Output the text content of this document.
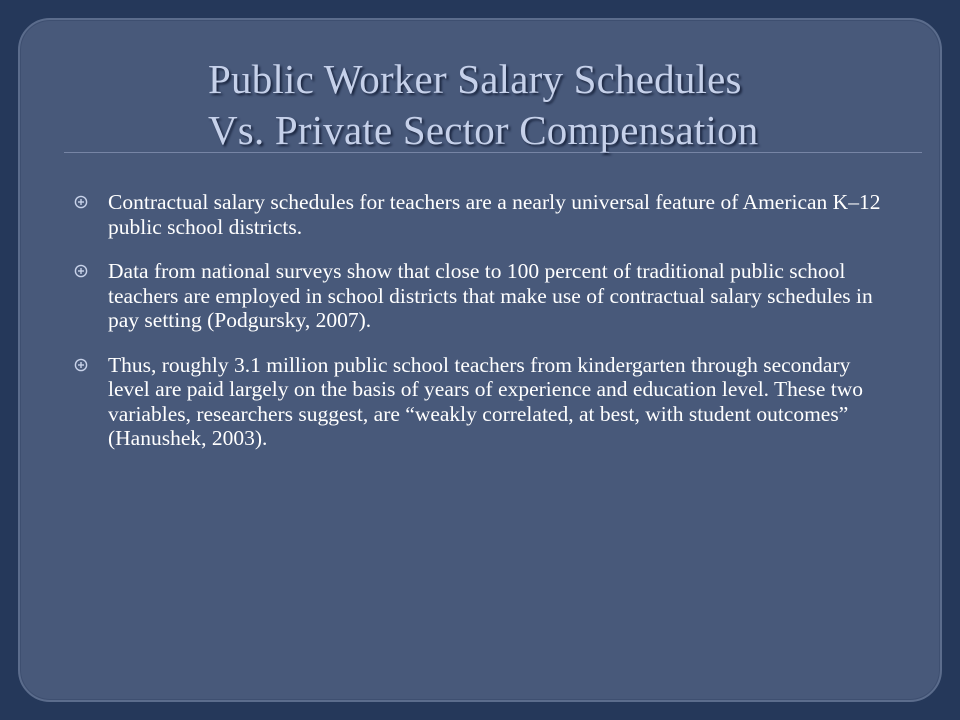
Public Worker Salary Schedules
Vs. Private Sector Compensation
Contractual salary schedules for teachers are a nearly universal feature of American K–12 public school districts.
Data from national surveys show that close to 100 percent of traditional public school teachers are employed in school districts that make use of contractual salary schedules in pay setting (Podgursky, 2007).
Thus, roughly 3.1 million public school teachers from kindergarten through secondary level are paid largely on the basis of years of experience and education level. These two variables, researchers suggest, are “weakly correlated, at best, with student outcomes” (Hanushek, 2003).
